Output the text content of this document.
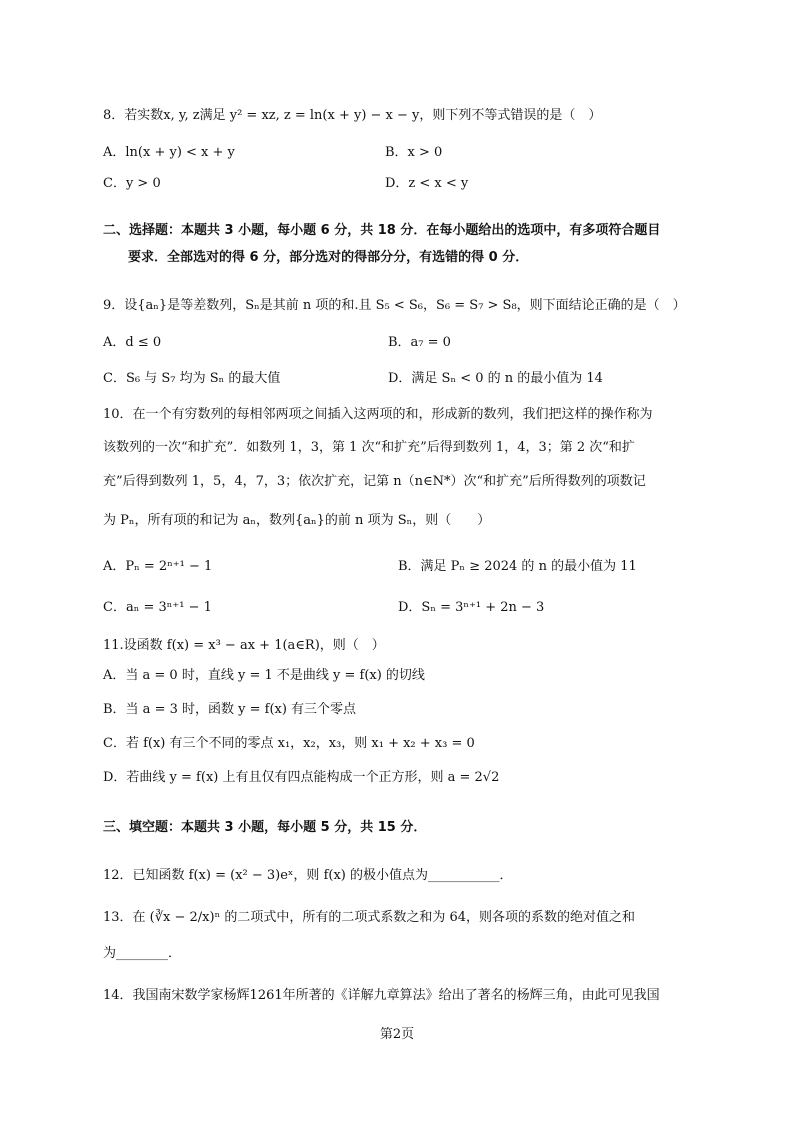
8．若实数x, y, z满足 y² = xz, z = ln(x + y) − x − y，则下列不等式错误的是（　）
A．ln(x + y) < x + y	B．x > 0
C．y > 0	D．z < x < y
二、选择题：本题共 3 小题，每小题 6 分，共 18 分．在每小题给出的选项中，有多项符合题目
要求．全部选对的得 6 分，部分选对的得部分分，有选错的得 0 分．
9．设{aₙ}是等差数列，Sₙ是其前 n 项的和.且 S₅ < S₆，S₆ = S₇ > S₈，则下面结论正确的是（　）
A．d ≤ 0	B．a₇ = 0
C．S₆ 与 S₇ 均为 Sₙ 的最大值	D．满足 Sₙ < 0 的 n 的最小值为 14
10．在一个有穷数列的每相邻两项之间插入这两项的和，形成新的数列，我们把这样的操作称为
该数列的一次“和扩充”．如数列 1，3，第 1 次“和扩充”后得到数列 1，4，3；第 2 次“和扩
充”后得到数列 1，5，4，7，3；依次扩充，记第 n（n∈N*）次“和扩充”后所得数列的项数记
为 Pₙ，所有项的和记为 aₙ，数列{aₙ}的前 n 项为 Sₙ，则（　　）
A．Pₙ = 2ⁿ⁺¹ − 1	B．满足 Pₙ ≥ 2024 的 n 的最小值为 11
C．aₙ = 3ⁿ⁺¹ − 1	D．Sₙ = 3ⁿ⁺¹ + 2n − 3
11.设函数 f(x) = x³ − ax + 1(a∈R)，则（　）
A．当 a = 0 时，直线 y = 1 不是曲线 y = f(x) 的切线
B．当 a = 3 时，函数 y = f(x) 有三个零点
C．若 f(x) 有三个不同的零点 x₁，x₂，x₃，则 x₁ + x₂ + x₃ = 0
D．若曲线 y = f(x) 上有且仅有四点能构成一个正方形，则 a = 2√2
三、填空题：本题共 3 小题，每小题 5 分，共 15 分．
12．已知函数 f(x) = (x² − 3)eˣ，则 f(x) 的极小值点为___________．
13．在 (∛x − 2/x)ⁿ 的二项式中，所有的二项式系数之和为 64，则各项的系数的绝对值之和
为________．
14．我国南宋数学家杨辉1261年所著的《详解九章算法》给出了著名的杨辉三角，由此可见我国
第2页
